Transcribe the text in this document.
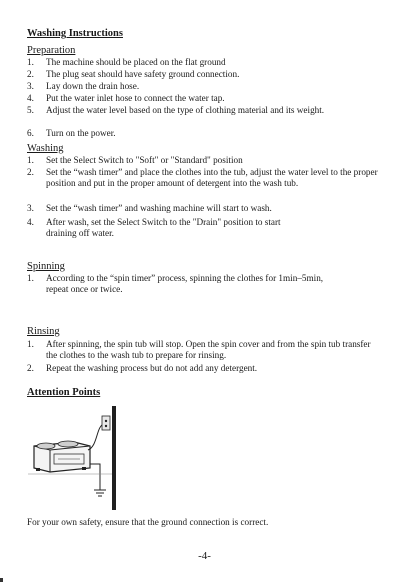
Washing Instructions
Preparation
1.	The machine should be placed on the flat ground
2.	The plug seat should have safety ground connection.
3.	Lay down the drain hose.
4.	Put the water inlet hose to connect the water tap.
5.	Adjust the water level based on the type of clothing material and its weight.
6.	Turn on the power.
Washing
1.	Set the Select Switch to "Soft" or "Standard" position
2.	Set the “wash timer” and place the clothes into the tub, adjust the water level to the proper position and put in the proper amount of detergent into the wash tub.
3.	Set the “wash timer” and washing machine will start to wash.
4.	After wash, set the Select Switch to the "Drain" position to start draining off water.
Spinning
1.	According to the “spin timer” process, spinning the clothes for 1min–5min, repeat once or twice.
Rinsing
1.	After spinning, the spin tub will stop. Open the spin cover and from the spin tub transfer the clothes to the wash tub to prepare for rinsing.
2.	Repeat the washing process but do not add any detergent.
Attention Points
For your own safety, ensure that the ground connection is correct.
-4-
